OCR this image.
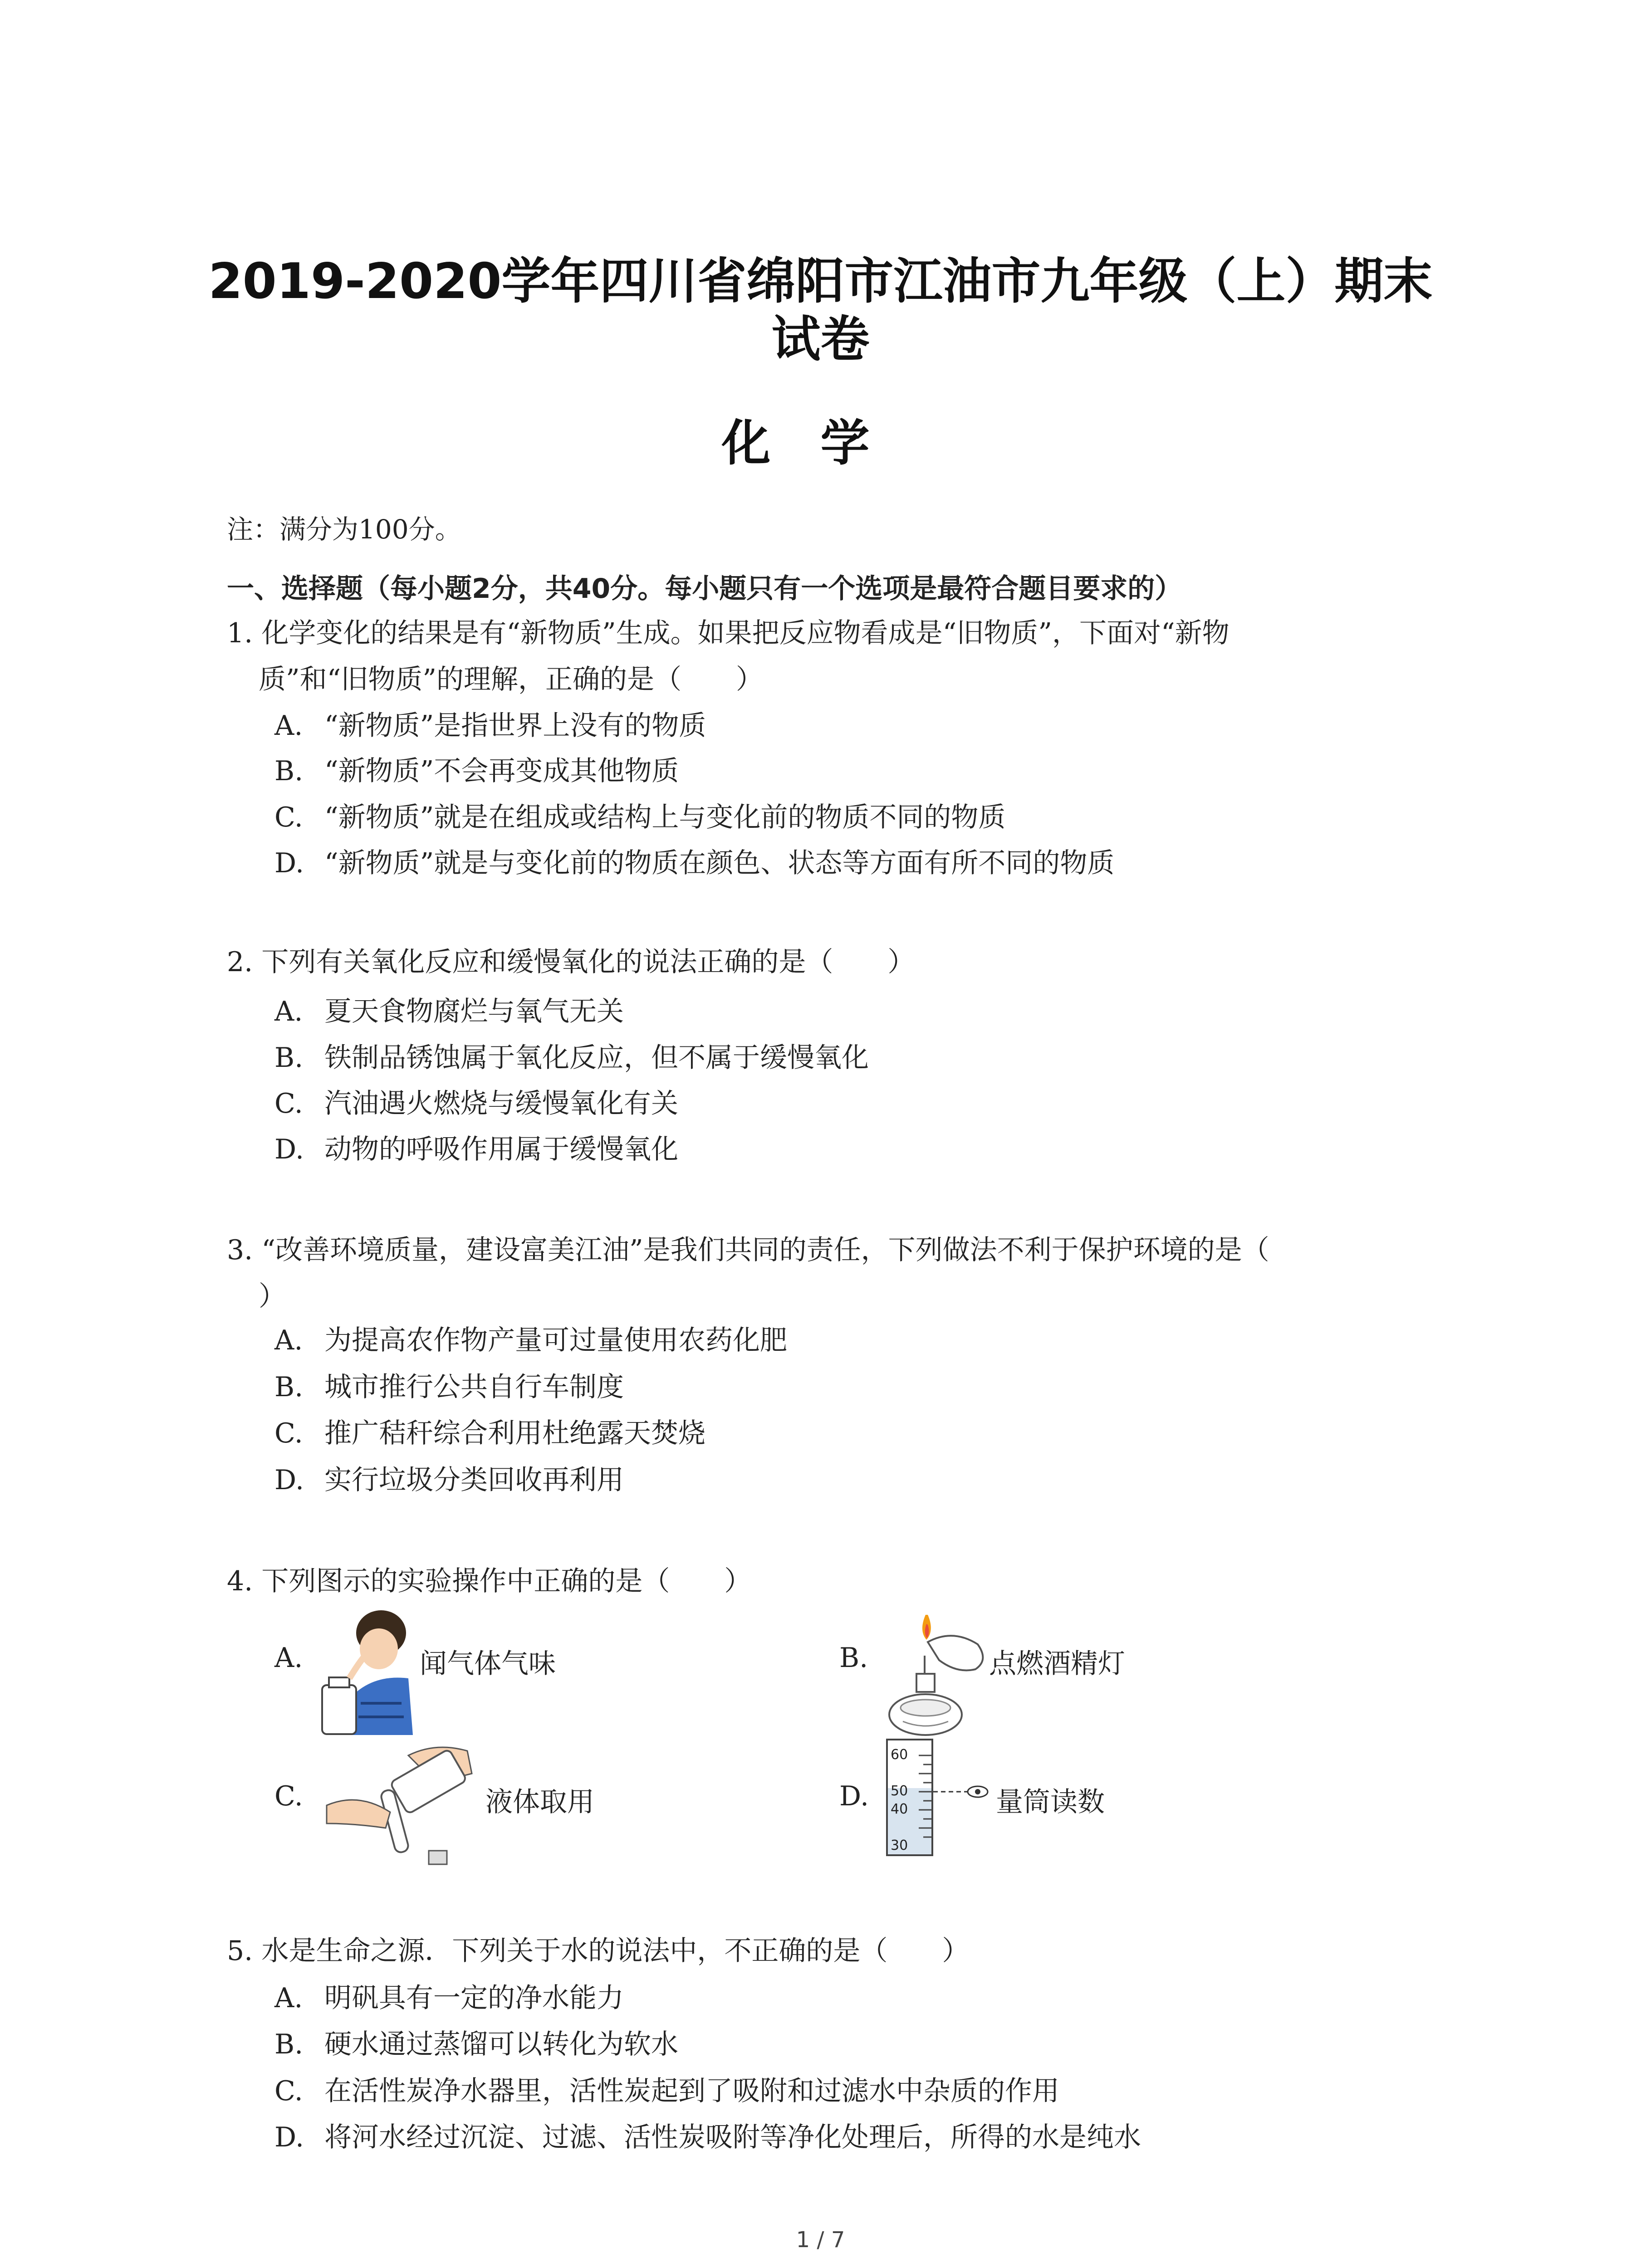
2019-2020学年四川省绵阳市江油市九年级（上）期末
试卷
化学
注：满分为100分。
一、选择题（每小题2分，共40分。每小题只有一个选项是最符合题目要求的）
1. 化学变化的结果是有“新物质”生成。如果把反应物看成是“旧物质”，下面对“新物
质”和“旧物质”的理解，正确的是（　　）
A. “新物质”是指世界上没有的物质
B. “新物质”不会再变成其他物质
C. “新物质”就是在组成或结构上与变化前的物质不同的物质
D. “新物质”就是与变化前的物质在颜色、状态等方面有所不同的物质
2. 下列有关氧化反应和缓慢氧化的说法正确的是（　　）
A. 夏天食物腐烂与氧气无关
B. 铁制品锈蚀属于氧化反应，但不属于缓慢氧化
C. 汽油遇火燃烧与缓慢氧化有关
D. 动物的呼吸作用属于缓慢氧化
3. “改善环境质量，建设富美江油”是我们共同的责任，下列做法不利于保护环境的是（
）
A. 为提高农作物产量可过量使用农药化肥
B. 城市推行公共自行车制度
C. 推广秸秆综合利用杜绝露天焚烧
D. 实行垃圾分类回收再利用
4. 下列图示的实验操作中正确的是（　　）
A.	闻气体气味	B.	点燃酒精灯
C.	液体取用	D.
60
50
40
30
量筒读数
5. 水是生命之源．下列关于水的说法中，不正确的是（　　）
A. 明矾具有一定的净水能力
B. 硬水通过蒸馏可以转化为软水
C. 在活性炭净水器里，活性炭起到了吸附和过滤水中杂质的作用
D. 将河水经过沉淀、过滤、活性炭吸附等净化处理后，所得的水是纯水
1 / 7
